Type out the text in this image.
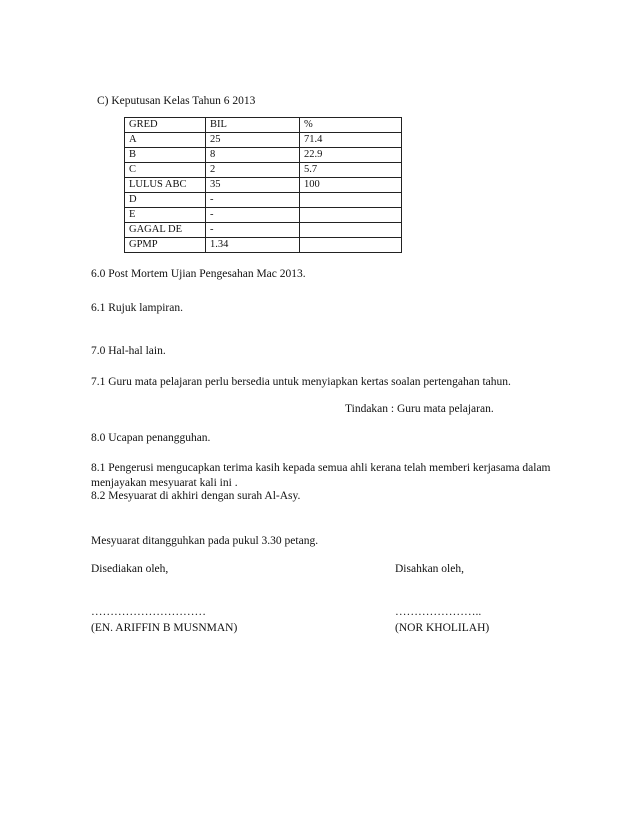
C) Keputusan Kelas Tahun 6 2013
GRED	BIL	%
A	25	71.4
B	8	22.9
C	2	5.7
LULUS ABC	35	100
D	-	
E	-	
GAGAL DE	-	
GPMP	1.34	
6.0 Post Mortem Ujian Pengesahan Mac 2013.
6.1 Rujuk lampiran.
7.0 Hal-hal lain.
7.1 Guru mata pelajaran perlu bersedia untuk menyiapkan kertas soalan pertengahan tahun.
Tindakan : Guru mata pelajaran.
8.0 Ucapan penangguhan.
8.1 Pengerusi mengucapkan terima kasih kepada semua ahli kerana telah memberi kerjasama dalam menjayakan mesyuarat kali ini .
8.2 Mesyuarat di akhiri dengan surah Al-Asy.
Mesyuarat ditangguhkan pada pukul 3.30 petang.
Disediakan oleh,	Disahkan oleh,
…………………………	…………………..
(EN. ARIFFIN B MUSNMAN)	(NOR KHOLILAH)
